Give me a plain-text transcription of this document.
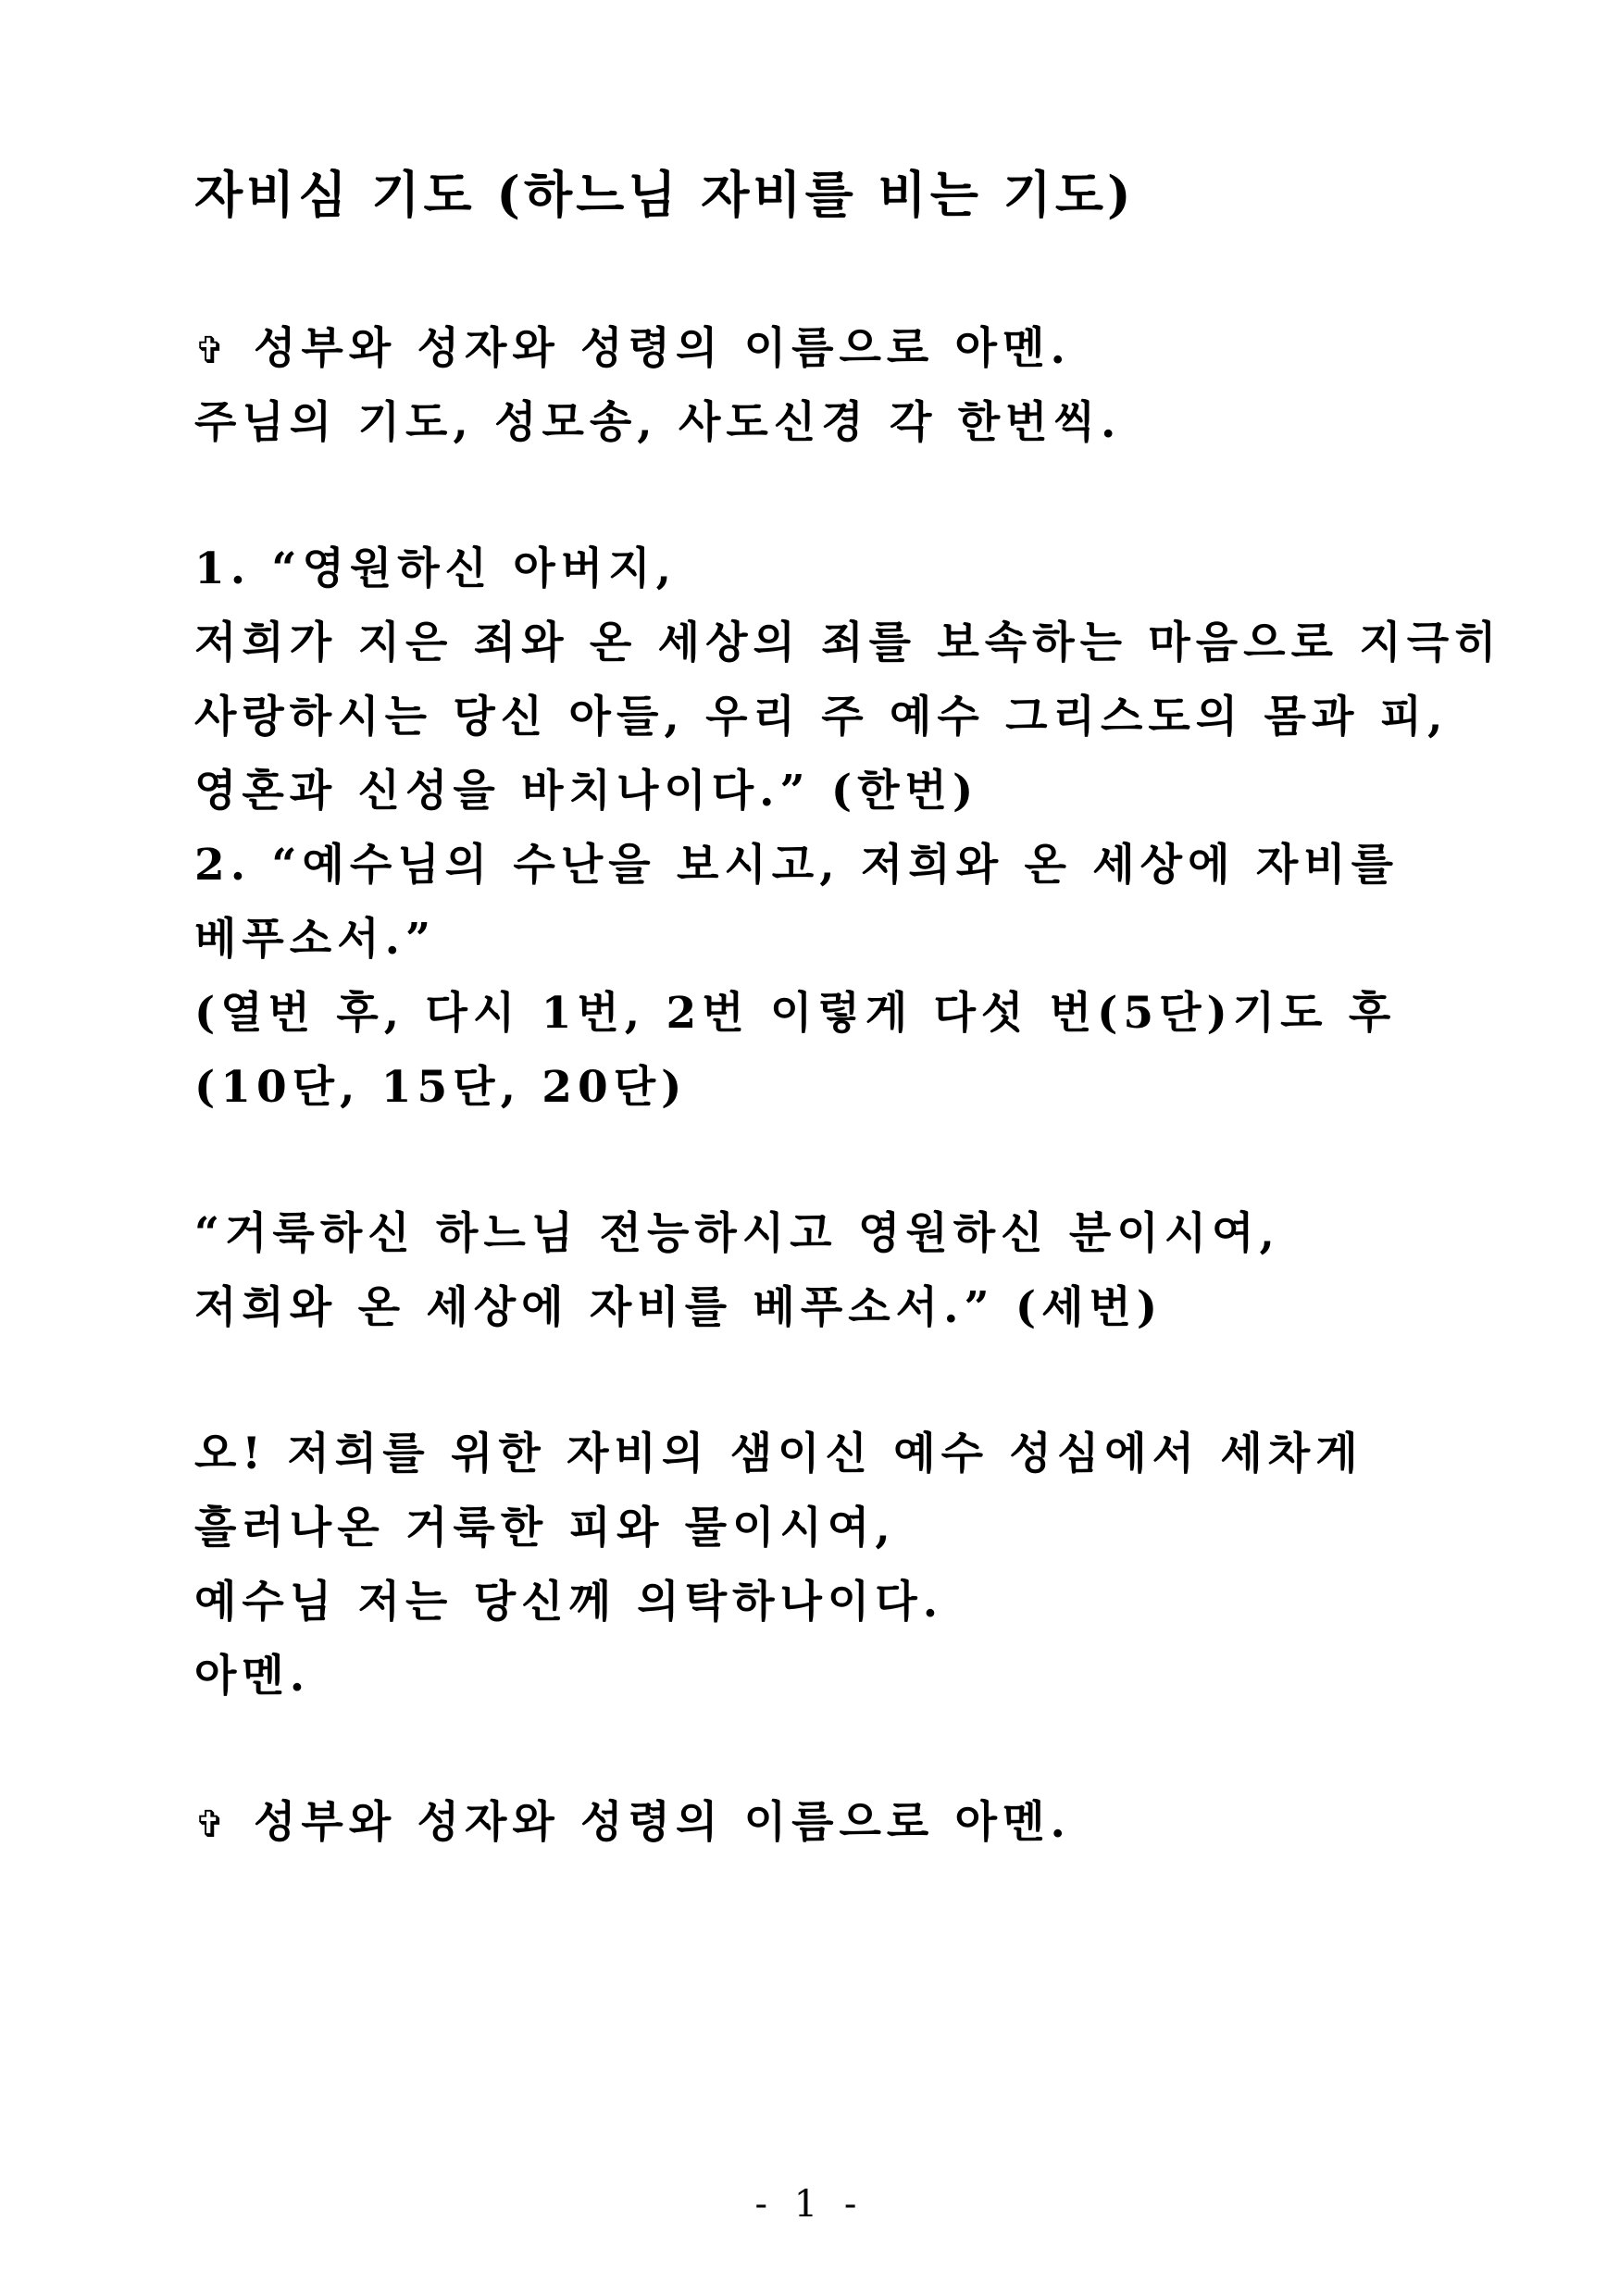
자비심 기도 (하느님 자비를 비는 기도)
✞ 성부와 성자와 성령의 이름으로 아멘.
주님의 기도, 성모송, 사도신경 각 한번씩.
1. “영원하신 아버지,
저희가 지은 죄와 온 세상의 죄를 보속하는 마음으로 지극히
사랑하시는 당신 아들, 우리 주 예수 그리스도의 몸과 피,
영혼과 신성을 바치나이다.” (한번)
2. “예수님의 수난을 보시고, 저희와 온 세상에 자비를
베푸소서.”
(열번 후, 다시 1번, 2번 이렇게 다섯 번(5단)기도 후
(10단, 15단, 20단)
“거룩하신 하느님 전능하시고 영원하신 분이시여,
저희와 온 세상에 자비를 베푸소서.” (세번)
오! 저희를 위한 자비의 샘이신 예수 성심에서 세차게
흘러나온 거룩한 피와 물이시여,
예수님 저는 당신께 의탁하나이다.
아멘.
✞ 성부와 성자와 성령의 이름으로 아멘.
- 1 -
